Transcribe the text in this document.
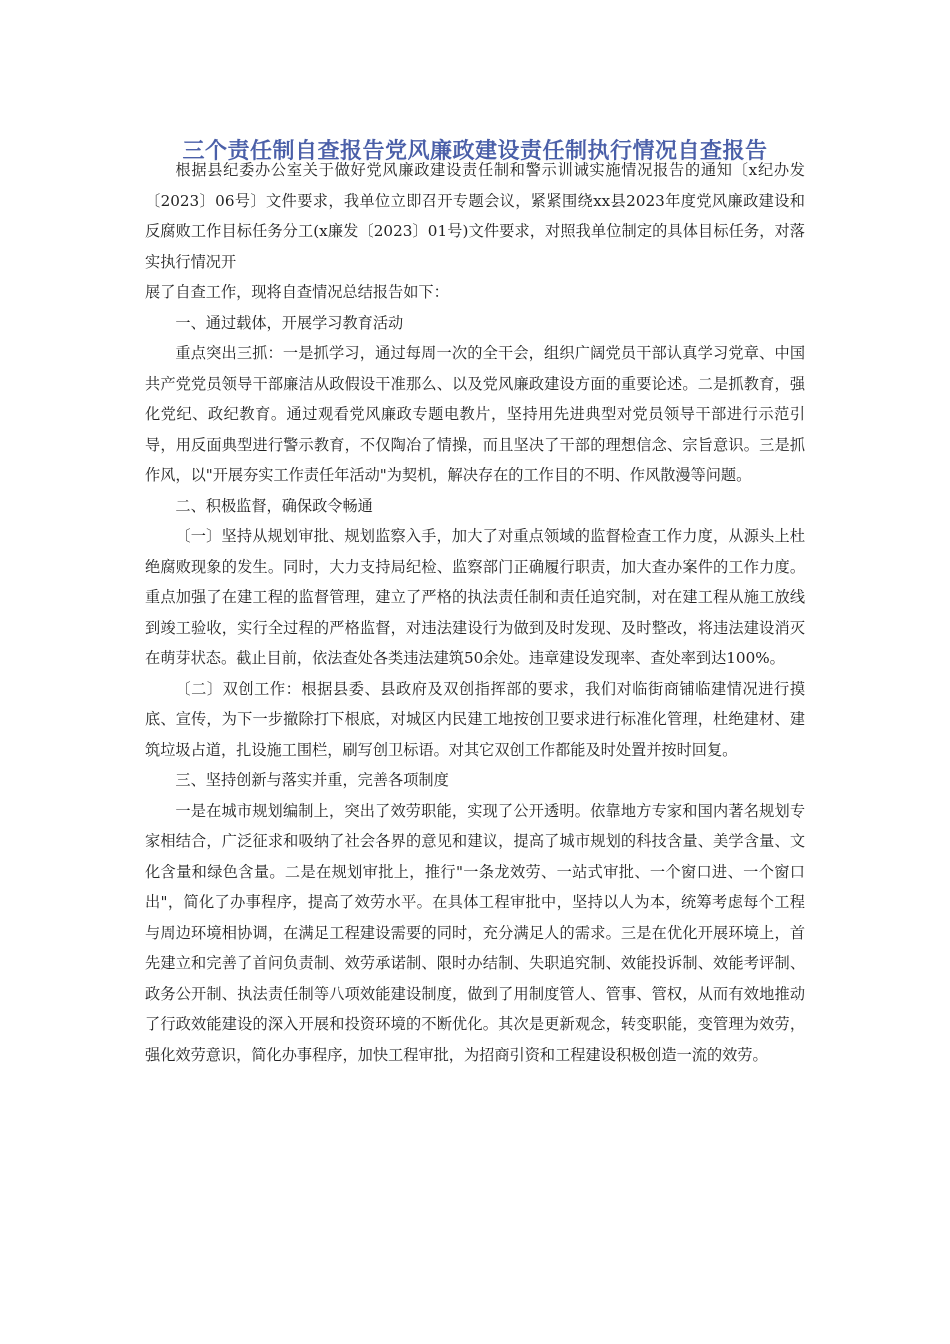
三个责任制自查报告党风廉政建设责任制执行情况自查报告

根据县纪委办公室关于做好党风廉政建设责任制和警示训诫实施情况报告的通知〔x纪办发〔2023〕06号〕文件要求，我单位立即召开专题会议，紧紧围绕xx县2023年度党风廉政建设和反腐败工作目标任务分工(x廉发〔2023〕01号)文件要求，对照我单位制定的具体目标任务，对落实执行情况开

展了自查工作，现将自查情况总结报告如下：

一、通过载体，开展学习教育活动

重点突出三抓：一是抓学习，通过每周一次的全干会，组织广阔党员干部认真学习党章、中国共产党党员领导干部廉洁从政假设干准那么、以及党风廉政建设方面的重要论述。二是抓教育，强化党纪、政纪教育。通过观看党风廉政专题电教片，坚持用先进典型对党员领导干部进行示范引导，用反面典型进行警示教育，不仅陶冶了情操，而且坚决了干部的理想信念、宗旨意识。三是抓作风，以"开展夯实工作责任年活动"为契机，解决存在的工作目的不明、作风散漫等问题。

二、积极监督，确保政令畅通

〔一〕坚持从规划审批、规划监察入手，加大了对重点领域的监督检查工作力度，从源头上杜绝腐败现象的发生。同时，大力支持局纪检、监察部门正确履行职责，加大查办案件的工作力度。重点加强了在建工程的监督管理，建立了严格的执法责任制和责任追究制，对在建工程从施工放线到竣工验收，实行全过程的严格监督，对违法建设行为做到及时发现、及时整改，将违法建设消灭在萌芽状态。截止目前，依法查处各类违法建筑50余处。违章建设发现率、查处率到达100%。

〔二〕双创工作：根据县委、县政府及双创指挥部的要求，我们对临街商铺临建情况进行摸底、宣传，为下一步撤除打下根底，对城区内民建工地按创卫要求进行标准化管理，杜绝建材、建筑垃圾占道，扎设施工围栏，刷写创卫标语。对其它双创工作都能及时处置并按时回复。

三、坚持创新与落实并重，完善各项制度

一是在城市规划编制上，突出了效劳职能，实现了公开透明。依靠地方专家和国内著名规划专家相结合，广泛征求和吸纳了社会各界的意见和建议，提高了城市规划的科技含量、美学含量、文化含量和绿色含量。二是在规划审批上，推行"一条龙效劳、一站式审批、一个窗口进、一个窗口出"，简化了办事程序，提高了效劳水平。在具体工程审批中，坚持以人为本，统筹考虑每个工程与周边环境相协调，在满足工程建设需要的同时，充分满足人的需求。三是在优化开展环境上，首先建立和完善了首问负责制、效劳承诺制、限时办结制、失职追究制、效能投诉制、效能考评制、政务公开制、执法责任制等八项效能建设制度，做到了用制度管人、管事、管权，从而有效地推动了行政效能建设的深入开展和投资环境的不断优化。其次是更新观念，转变职能，变管理为效劳，强化效劳意识，简化办事程序，加快工程审批，为招商引资和工程建设积极创造一流的效劳。
